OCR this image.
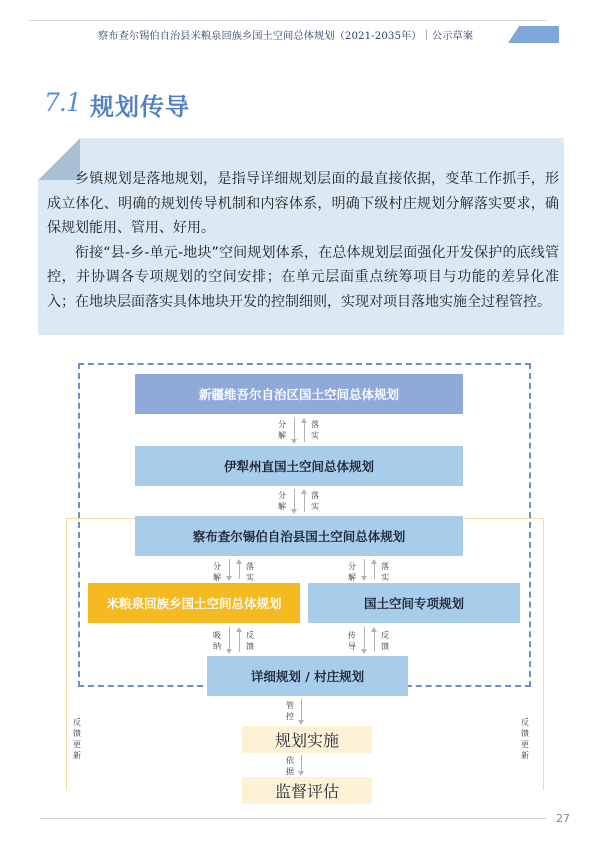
察布查尔锡伯自治县米粮泉回族乡国土空间总体规划（2021-2035年）｜公示草案
7.1 规划传导

乡镇规划是落地规划，是指导详细规划层面的最直接依据，变革工作抓手，形成立体化、明确的规划传导机制和内容体系，明确下级村庄规划分解落实要求，确保规划能用、管用、好用。

衔接“县-乡-单元-地块”空间规划体系，在总体规划层面强化开发保护的底线管控，并协调各专项规划的空间安排；在单元层面重点统筹项目与功能的差异化准入；在地块层面落实具体地块开发的控制细则，实现对项目落地实施全过程管控。

新疆维吾尔自治区国土空间总体规划
伊犁州直国土空间总体规划
察布查尔锡伯自治县国土空间总体规划
米粮泉回族乡国土空间总体规划	国土空间专项规划
详细规划 / 村庄规划
规划实施
监督评估
分解
落实
分解
落实
分解
落实
分解
落实
吸纳
反馈
传导
反馈
管控
依据
反馈更新
反馈更新
27
